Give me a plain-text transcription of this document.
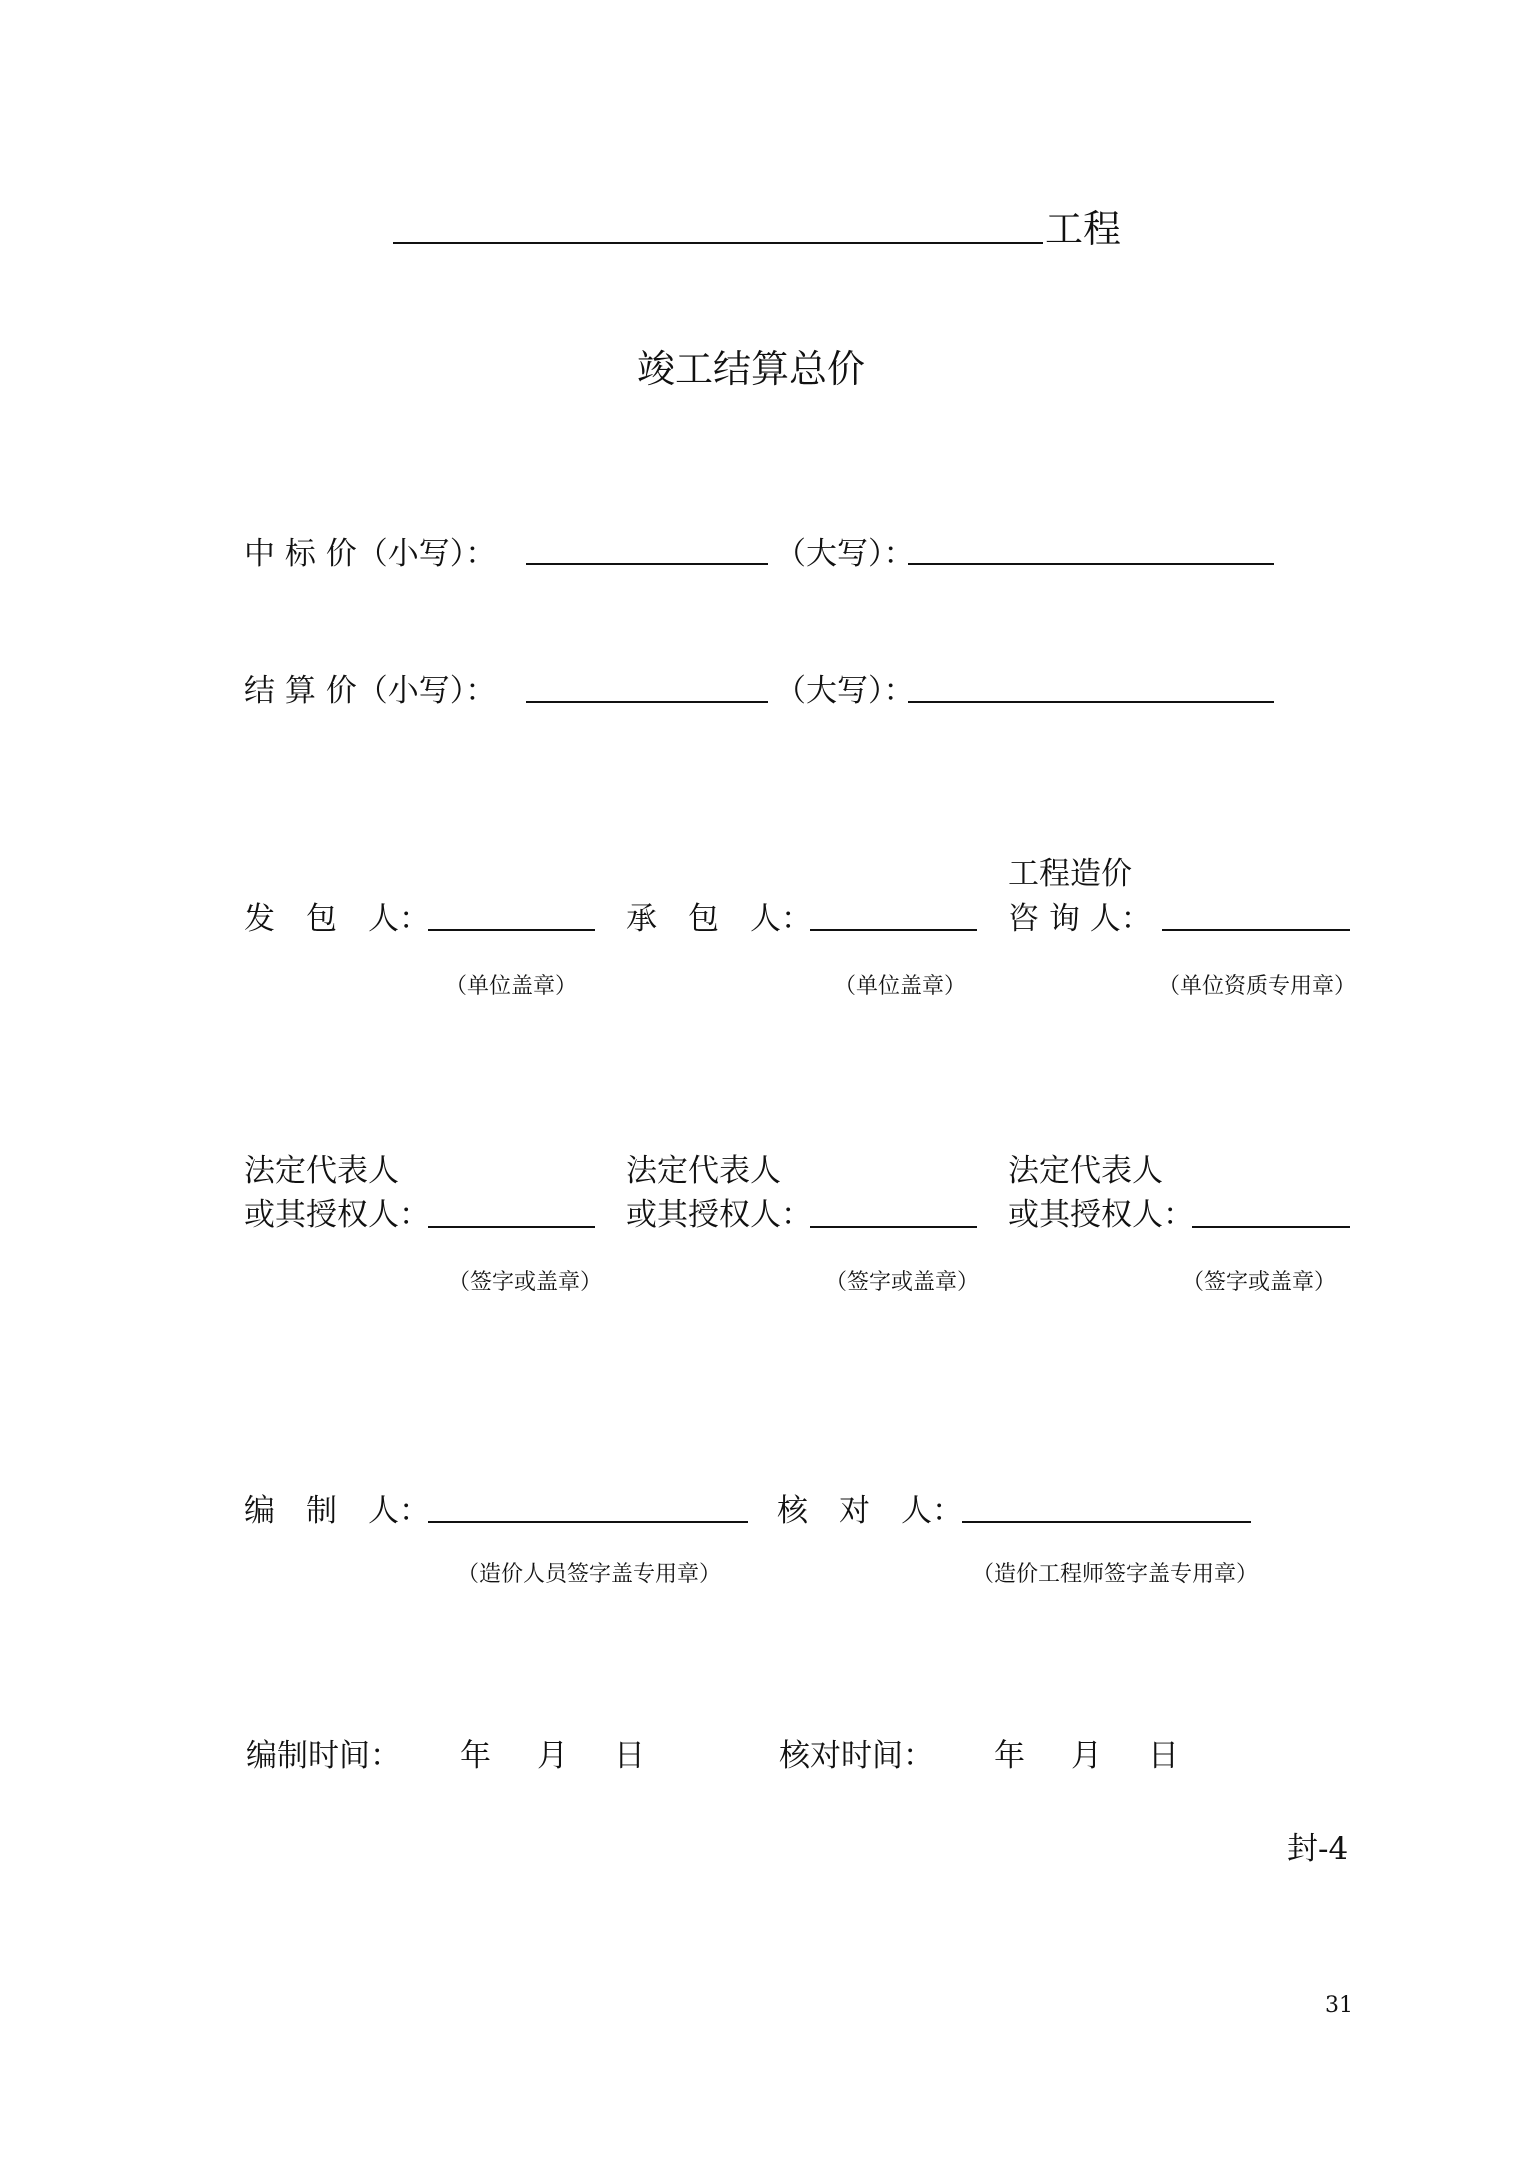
工程
竣工结算总价
中 标 价（小写）：	（大写）：
结 算 价（小写）：	（大写）：
工程造价
发　包　人：	承　包　人：	咨 询 人：
（单位盖章）	（单位盖章）	（单位资质专用章）
法定代表人
或其授权人：
法定代表人
或其授权人：
法定代表人
或其授权人：
（签字或盖章）	（签字或盖章）	（签字或盖章）
编　制　人：	核　对　人：
（造价人员签字盖专用章）	（造价工程师签字盖专用章）
编制时间： 年 月 日	核对时间： 年 月 日
封-4
31
